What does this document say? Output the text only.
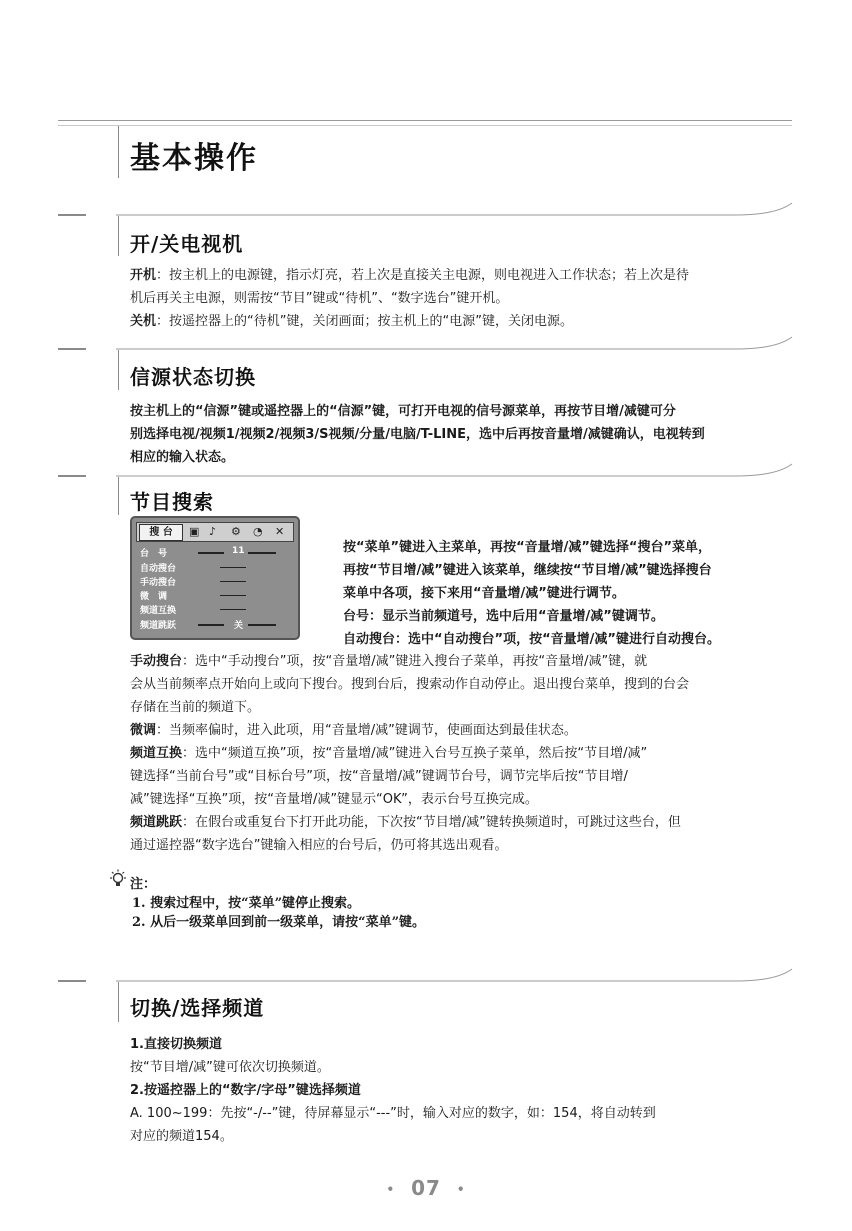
基本操作
开/关电视机
开机：按主机上的电源键，指示灯亮，若上次是直接关主电源，则电视进入工作状态；若上次是待
机后再关主电源，则需按“节目”键或“待机”、“数字选台”键开机。
关机：按遥控器上的“待机”键，关闭画面；按主机上的“电源”键，关闭电源。
信源状态切换
按主机上的“信源”键或遥控器上的“信源”键，可打开电视的信号源菜单，再按节目增/减键可分
别选择电视/视频1/视频2/视频3/S视频/分量/电脑/T-LINE，选中后再按音量增/减键确认，电视转到
相应的输入状态。
节目搜索
搜 台	▣ ♪ ⚙ ◔ ✕
台　号	11
自动搜台
手动搜台
微　调
频道互换
频道跳跃	关
按“菜单”键进入主菜单，再按“音量增/减”键选择“搜台”菜单，
再按“节目增/减”键进入该菜单，继续按“节目增/减”键选择搜台
菜单中各项，接下来用“音量增/减”键进行调节。
台号：显示当前频道号，选中后用“音量增/减”键调节。
自动搜台：选中“自动搜台”项，按“音量增/减”键进行自动搜台。
手动搜台：选中“手动搜台”项，按“音量增/减”键进入搜台子菜单，再按“音量增/减”键，就
会从当前频率点开始向上或向下搜台。搜到台后，搜索动作自动停止。退出搜台菜单，搜到的台会
存储在当前的频道下。
微调：当频率偏时，进入此项，用“音量增/减”键调节，使画面达到最佳状态。
频道互换：选中“频道互换”项，按“音量增/减”键进入台号互换子菜单，然后按“节目增/减”
键选择“当前台号”或“目标台号”项，按“音量增/减”键调节台号，调节完毕后按“节目增/
减”键选择“互换”项，按“音量增/减”键显示“OK”，表示台号互换完成。
频道跳跃：在假台或重复台下打开此功能，下次按“节目增/减”键转换频道时，可跳过这些台，但
通过遥控器“数字选台”键输入相应的台号后，仍可将其选出观看。
注：
1. 搜索过程中，按“菜单”键停止搜索。
2. 从后一级菜单回到前一级菜单，请按“菜单”键。
切换/选择频道
1.直接切换频道
按“节目增/减”键可依次切换频道。
2.按遥控器上的“数字/字母”键选择频道
A. 100~199：先按“-/--”键，待屏幕显示“---”时，输入对应的数字，如：154，将自动转到
对应的频道154。
• 07 •
